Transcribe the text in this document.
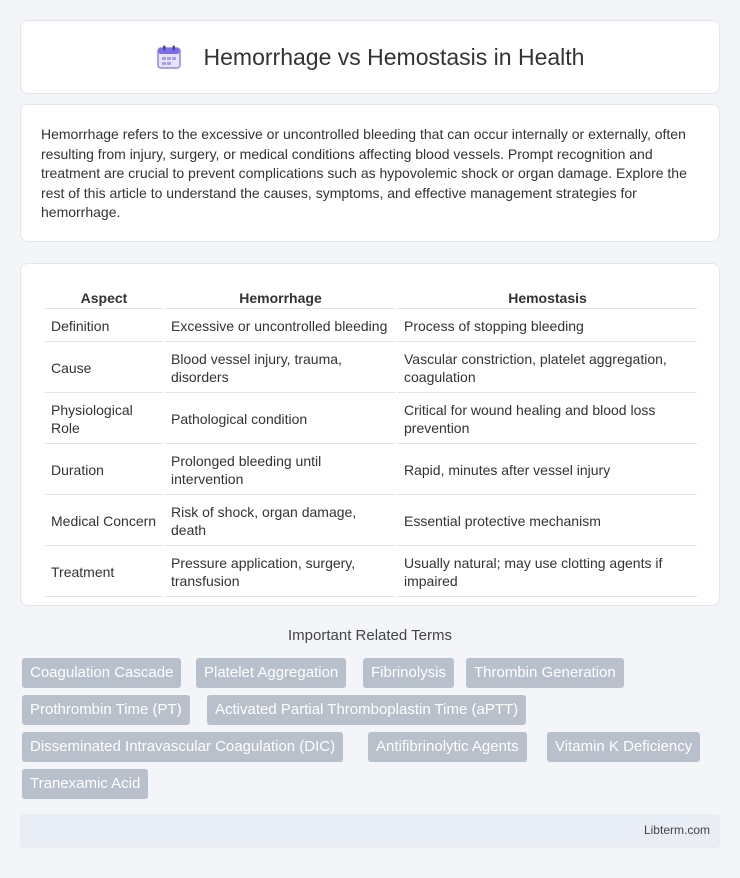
Hemorrhage vs Hemostasis in Health

Hemorrhage refers to the excessive or uncontrolled bleeding that can occur internally or externally, often resulting from injury, surgery, or medical conditions affecting blood vessels. Prompt recognition and treatment are crucial to prevent complications such as hypovolemic shock or organ damage. Explore the rest of this article to understand the causes, symptoms, and effective management strategies for hemorrhage.

Aspect	Hemorrhage	Hemostasis
Definition	Excessive or uncontrolled bleeding	Process of stopping bleeding
Cause	Blood vessel injury, trauma, disorders	Vascular constriction, platelet aggregation, coagulation
Physiological Role	Pathological condition	Critical for wound healing and blood loss prevention
Duration	Prolonged bleeding until intervention	Rapid, minutes after vessel injury
Medical Concern	Risk of shock, organ damage, death	Essential protective mechanism
Treatment	Pressure application, surgery, transfusion	Usually natural; may use clotting agents if impaired
Important Related Terms
Coagulation Cascade	Platelet Aggregation	Fibrinolysis	Thrombin Generation
Prothrombin Time (PT)	Activated Partial Thromboplastin Time (aPTT)
Disseminated Intravascular Coagulation (DIC)	Antifibrinolytic Agents	Vitamin K Deficiency
Tranexamic Acid
Libterm.com
